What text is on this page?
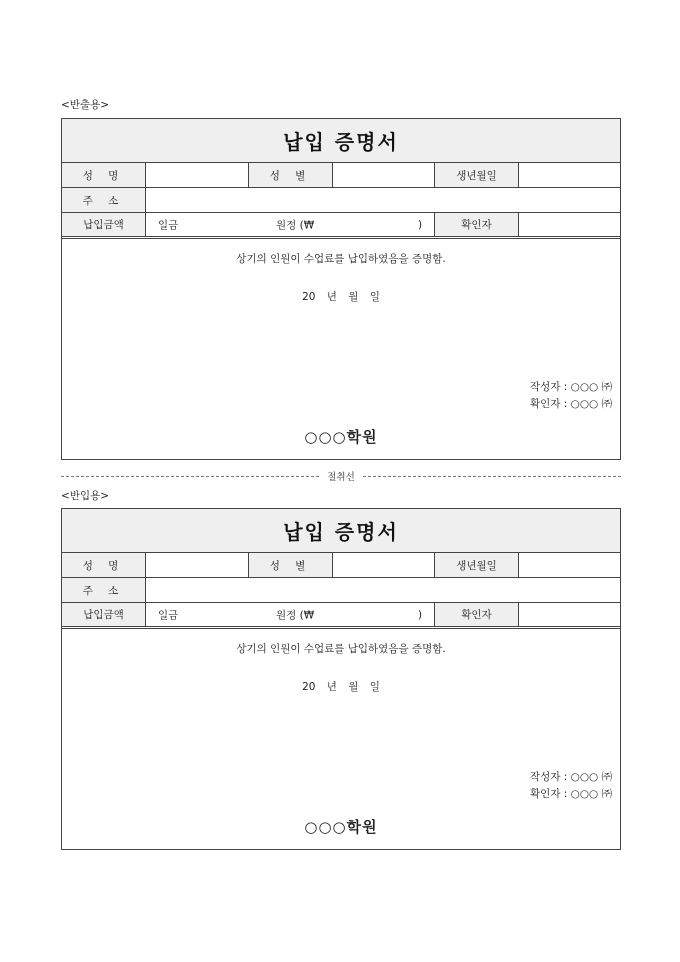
<반출용>
납입 증명서
성 명	성 별	생년월일
주 소
납입금액	일금	원정 (₩	)	확인자
상기의 인원이 수업료를 납입하였음을 증명함.
20 년 월 일
작성자 : ○○○ ㈜
확인자 : ○○○ ㈜
○○○학원
절취선
<반입용>
납입 증명서
성 명	성 별	생년월일
주 소
납입금액	일금	원정 (₩	)	확인자
상기의 인원이 수업료를 납입하였음을 증명함.
20 년 월 일
작성자 : ○○○ ㈜
확인자 : ○○○ ㈜
○○○학원
